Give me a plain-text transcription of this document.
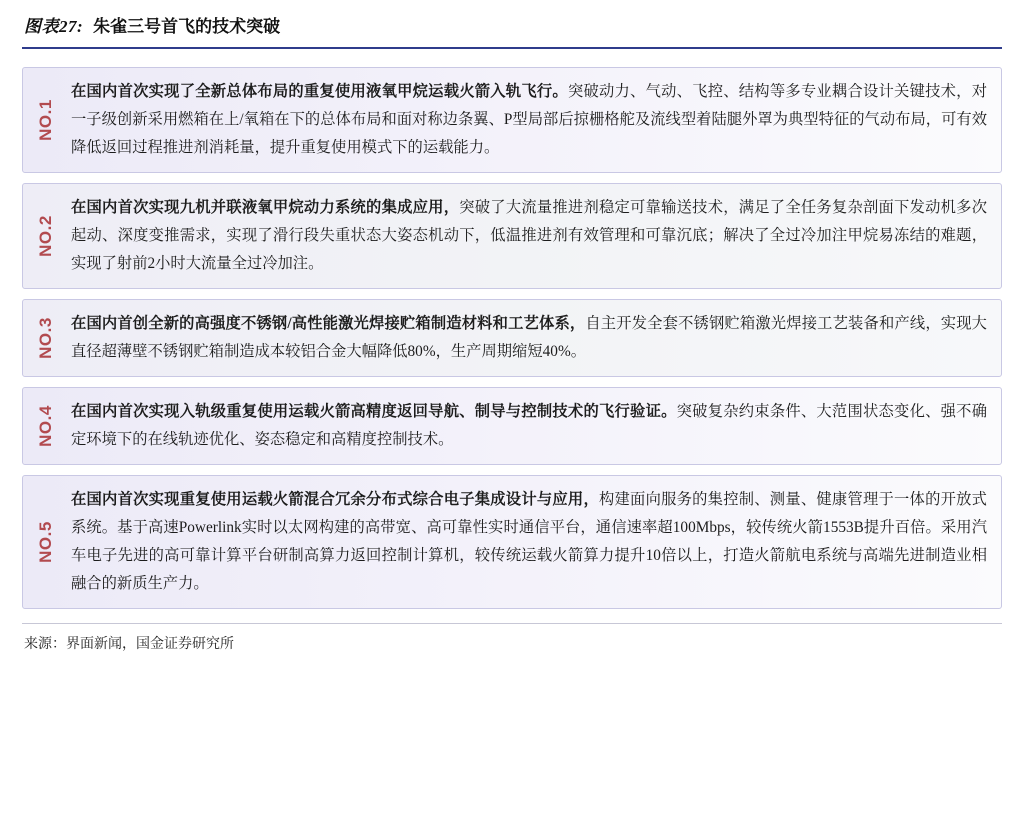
图表27: 朱雀三号首飞的技术突破
NO.1
在国内首次实现了全新总体布局的重复使用液氧甲烷运载火箭入轨飞行。突破动力、气动、飞控、结构等多专业耦合设计关键技术，对一子级创新采用燃箱在上/氧箱在下的总体布局和面对称边条翼、P型局部后掠栅格舵及流线型着陆腿外罩为典型特征的气动布局，可有效降低返回过程推进剂消耗量，提升重复使用模式下的运载能力。
NO.2
在国内首次实现九机并联液氧甲烷动力系统的集成应用，突破了大流量推进剂稳定可靠输送技术，满足了全任务复杂剖面下发动机多次起动、深度变推需求，实现了滑行段失重状态大姿态机动下，低温推进剂有效管理和可靠沉底；解决了全过冷加注甲烷易冻结的难题，实现了射前2小时大流量全过冷加注。
NO.3 在国内首创全新的高强度不锈钢/高性能激光焊接贮箱制造材料和工艺体系，自主开发全套不锈钢贮箱激光焊接工艺装备和产线，实现大直径超薄壁不锈钢贮箱制造成本较铝合金大幅降低80%，生产周期缩短40%。
NO.4 在国内首次实现入轨级重复使用运载火箭高精度返回导航、制导与控制技术的飞行验证。突破复杂约束条件、大范围状态变化、强不确定环境下的在线轨迹优化、姿态稳定和高精度控制技术。
NO.5
在国内首次实现重复使用运载火箭混合冗余分布式综合电子集成设计与应用，构建面向服务的集控制、测量、健康管理于一体的开放式系统。基于高速Powerlink实时以太网构建的高带宽、高可靠性实时通信平台，通信速率超100Mbps，较传统火箭1553B提升百倍。采用汽车电子先进的高可靠计算平台研制高算力返回控制计算机，较传统运载火箭算力提升10倍以上，打造火箭航电系统与高端先进制造业相融合的新质生产力。
来源：界面新闻，国金证券研究所
